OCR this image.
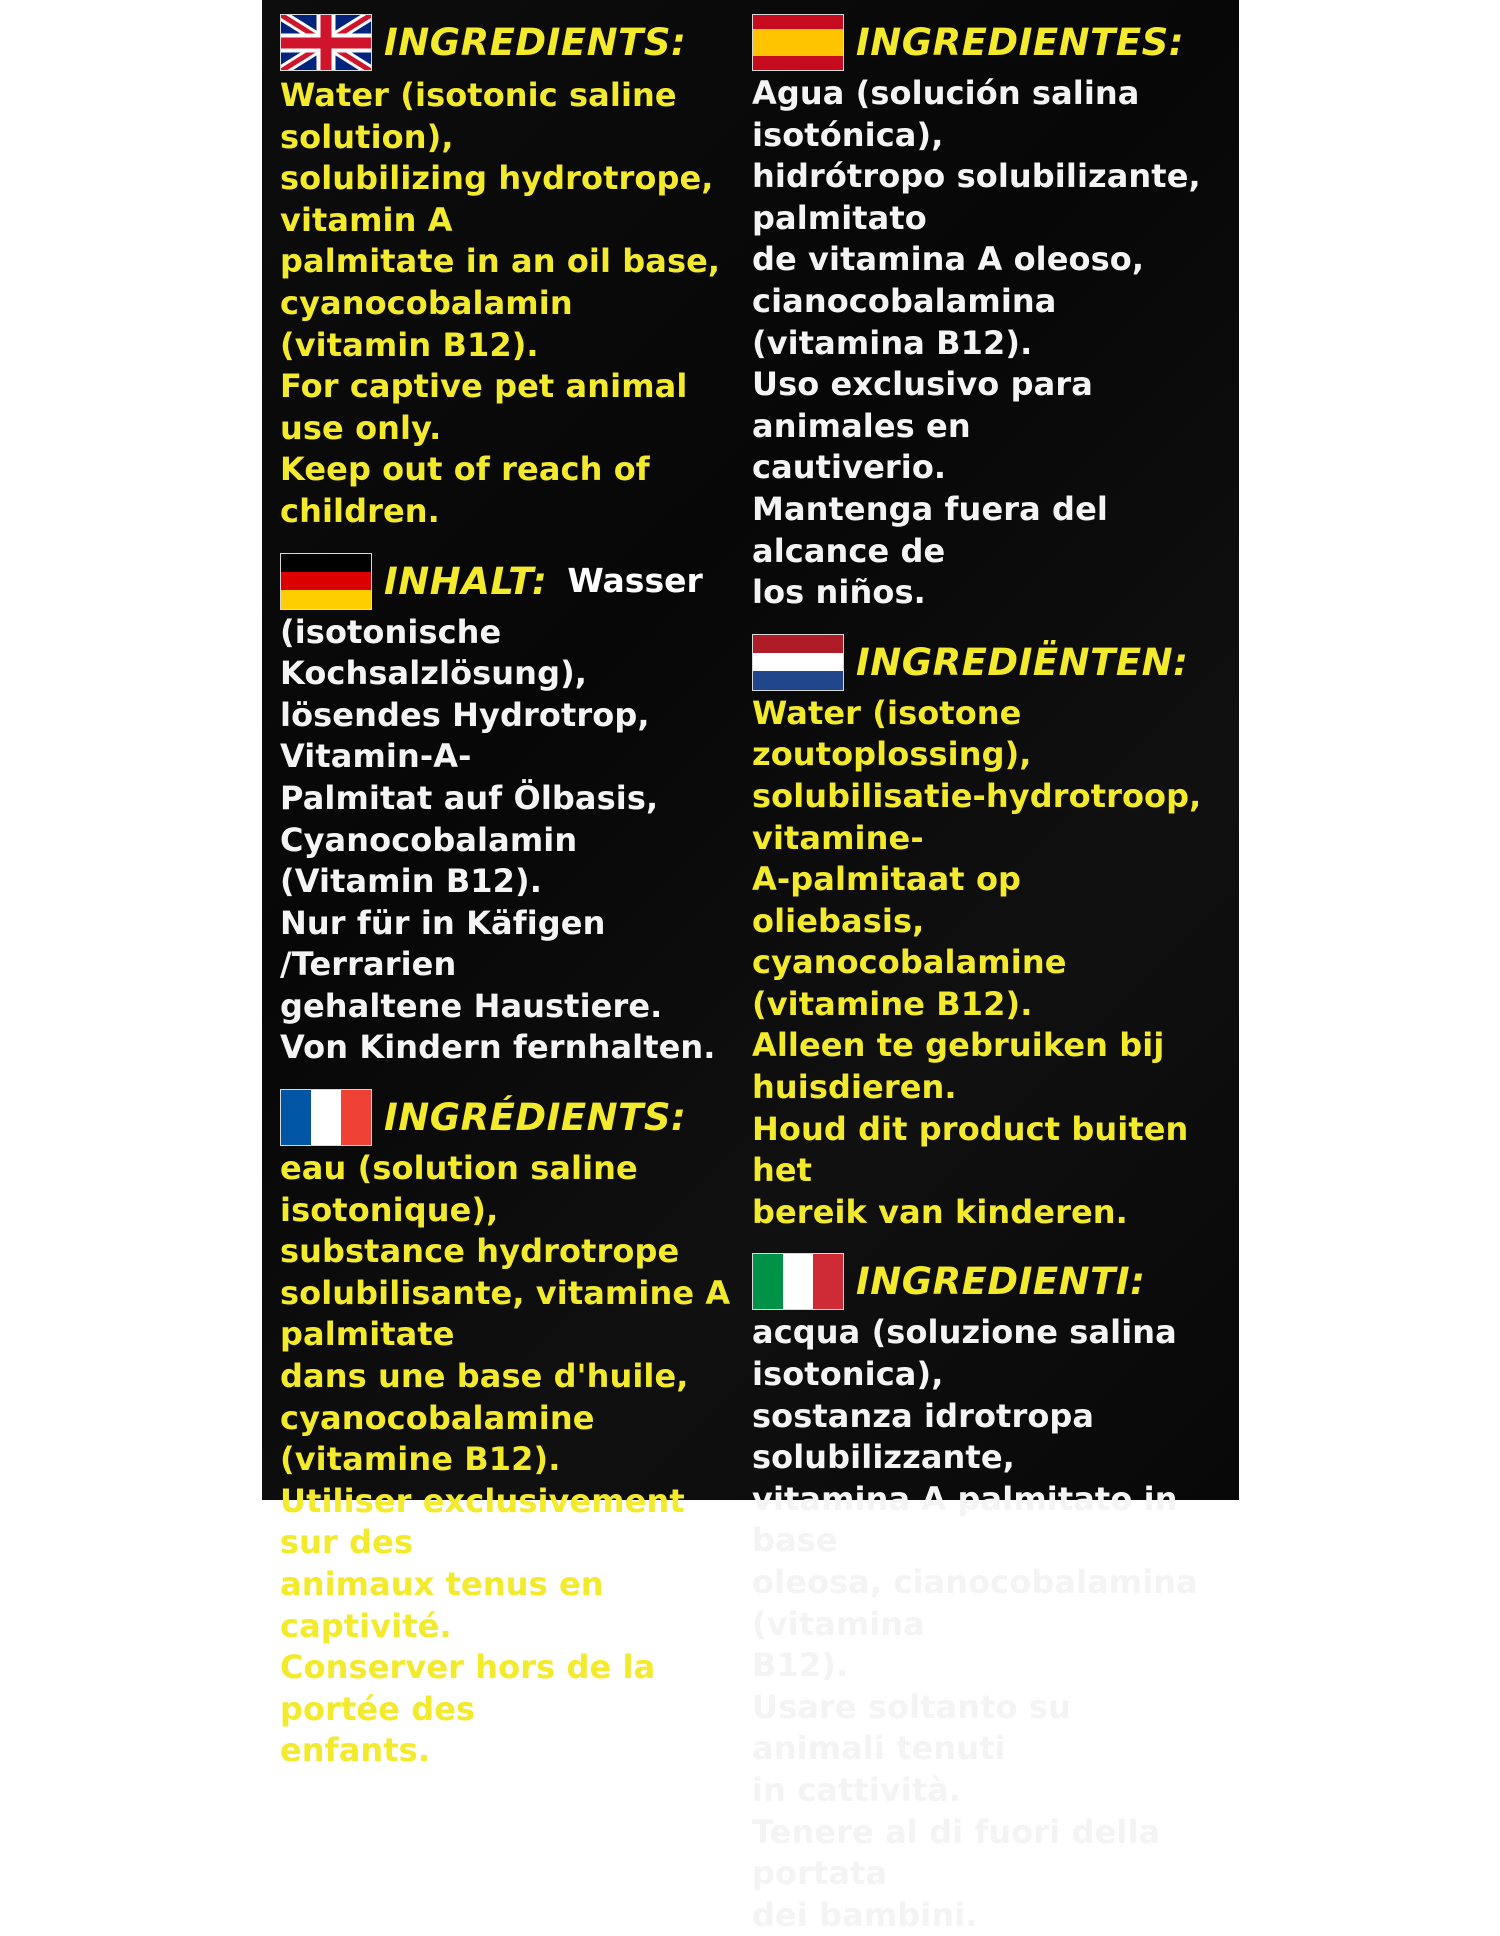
INGREDIENTS:

Water (isotonic saline solution),

solubilizing hydrotrope, vitamin A

palmitate in an oil base,

cyanocobalamin (vitamin B12).

For captive pet animal use only.

Keep out of reach of children.

INHALT: Wasser

(isotonische Kochsalzlösung),

lösendes Hydrotrop, Vitamin-A-

Palmitat auf Ölbasis,

Cyanocobalamin (Vitamin B12).

Nur für in Käfigen /Terrarien

gehaltene Haustiere.

Von Kindern fernhalten.

INGRÉDIENTS:

eau (solution saline isotonique),

substance hydrotrope

solubilisante, vitamine A palmitate

dans une base d'huile,

cyanocobalamine (vitamine B12).

Utiliser exclusivement sur des

animaux tenus en captivité.

Conserver hors de la portée des

enfants.

INGREDIENTES:

Agua (solución salina isotónica),

hidrótropo solubilizante, palmitato

de vitamina A oleoso,

cianocobalamina (vitamina B12).

Uso exclusivo para animales en

cautiverio.

Mantenga fuera del alcance de

los niños.

INGREDIËNTEN:

Water (isotone zoutoplossing),

solubilisatie-hydrotroop, vitamine-

A-palmitaat op oliebasis,

cyanocobalamine (vitamine B12).

Alleen te gebruiken bij

huisdieren.

Houd dit product buiten het

bereik van kinderen.

INGREDIENTI:

acqua (soluzione salina isotonica),

sostanza idrotropa solubilizzante,

vitamina A palmitato in base

oleosa, cianocobalamina (vitamina

B12).

Usare soltanto su animali tenuti

in cattività.

Tenere al di fuori della portata

dei bambini.
